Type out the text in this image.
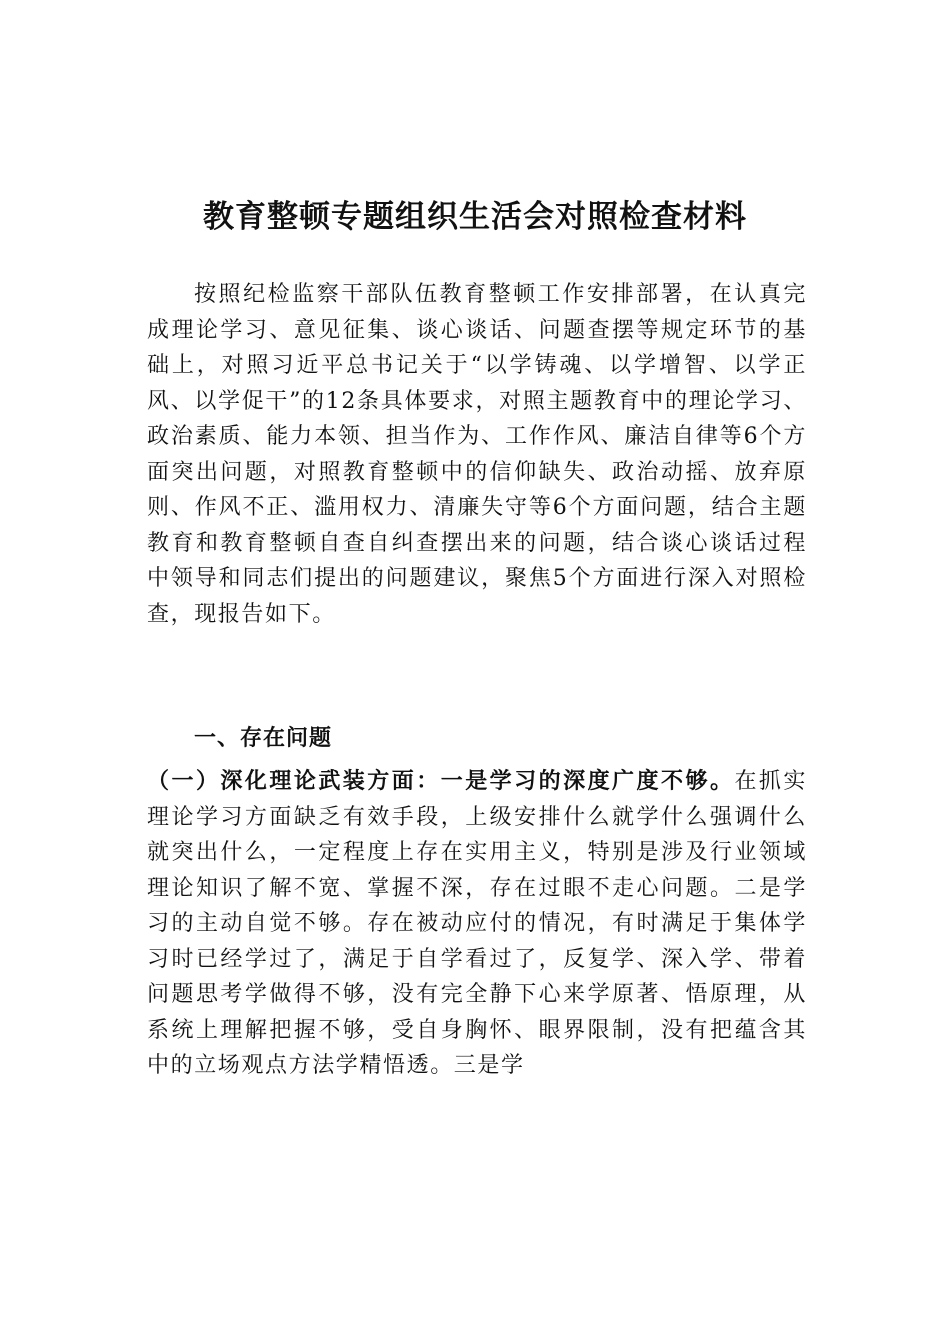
教育整顿专题组织生活会对照检查材料

按照纪检监察干部队伍教育整顿工作安排部署，在认真完成理论学习、意见征集、谈心谈话、问题查摆等规定环节的基础上，对照习近平总书记关于“以学铸魂、以学增智、以学正风、以学促干”的12条具体要求，对照主题教育中的理论学习、政治素质、能力本领、担当作为、工作作风、廉洁自律等6个方面突出问题，对照教育整顿中的信仰缺失、政治动摇、放弃原则、作风不正、滥用权力、清廉失守等6个方面问题，结合主题教育和教育整顿自查自纠查摆出来的问题，结合谈心谈话过程中领导和同志们提出的问题建议，聚焦5个方面进行深入对照检查，现报告如下。

一、存在问题

（一）深化理论武装方面：一是学习的深度广度不够。在抓实理论学习方面缺乏有效手段，上级安排什么就学什么强调什么就突出什么，一定程度上存在实用主义，特别是涉及行业领域理论知识了解不宽、掌握不深，存在过眼不走心问题。二是学习的主动自觉不够。存在被动应付的情况，有时满足于集体学习时已经学过了，满足于自学看过了，反复学、深入学、带着问题思考学做得不够，没有完全静下心来学原著、悟原理，从系统上理解把握不够，受自身胸怀、眼界限制，没有把蕴含其中的立场观点方法学精悟透。三是学
